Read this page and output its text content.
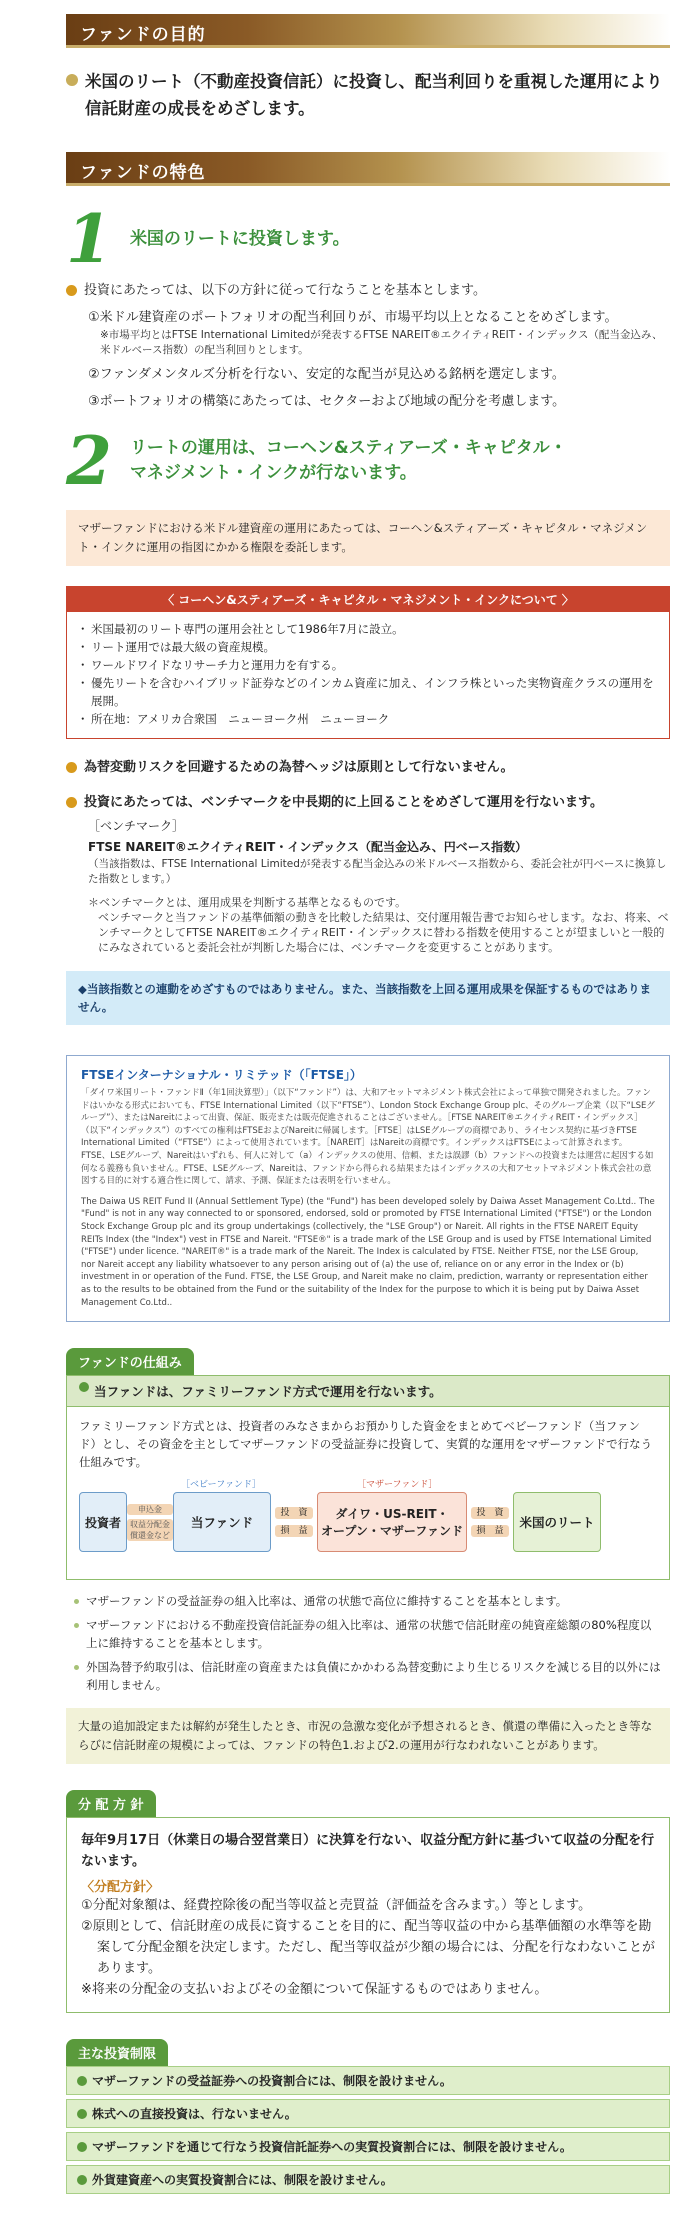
ファンドの目的
米国のリート（不動産投資信託）に投資し、配当利回りを重視した運用により信託財産の成長をめざします。
ファンドの特色
1 米国のリートに投資します。
投資にあたっては、以下の方針に従って行なうことを基本とします。
①米ドル建資産のポートフォリオの配当利回りが、市場平均以上となることをめざします。
※市場平均とはFTSE International Limitedが発表するFTSE NAREIT®エクイティREIT・インデックス（配当金込み、米ドルベース指数）の配当利回りとします。
②ファンダメンタルズ分析を行ない、安定的な配当が見込める銘柄を選定します。
③ポートフォリオの構築にあたっては、セクターおよび地域の配分を考慮します。
2 リートの運用は、コーヘン&スティアーズ・キャピタル・
マネジメント・インクが行ないます。
マザーファンドにおける米ドル建資産の運用にあたっては、コーヘン&スティアーズ・キャピタル・マネジメント・インクに運用の指図にかかる権限を委託します。
〈 コーヘン&スティアーズ・キャピタル・マネジメント・インクについて 〉
・ 米国最初のリート専門の運用会社として1986年7月に設立。
・ リート運用では最大級の資産規模。
・ ワールドワイドなリサーチ力と運用力を有する。
・ 優先リートを含むハイブリッド証券などのインカム資産に加え、インフラ株といった実物資産クラスの運用を展開。
・ 所在地：アメリカ合衆国　ニューヨーク州　ニューヨーク
為替変動リスクを回避するための為替ヘッジは原則として行ないません。
投資にあたっては、ベンチマークを中長期的に上回ることをめざして運用を行ないます。
［ベンチマーク］
FTSE NAREIT®エクイティREIT・インデックス（配当金込み、円ベース指数）
（当該指数は、FTSE International Limitedが発表する配当金込みの米ドルベース指数から、委託会社が円ベースに換算した指数とします。）
＊ベンチマークとは、運用成果を判断する基準となるものです。
ベンチマークと当ファンドの基準価額の動きを比較した結果は、交付運用報告書でお知らせします。なお、将来、ベンチマークとしてFTSE NAREIT®エクイティREIT・インデックスに替わる指数を使用することが望ましいと一般的にみなされていると委託会社が判断した場合には、ベンチマークを変更することがあります。
◆当該指数との連動をめざすものではありません。また、当該指数を上回る運用成果を保証するものではありません。
FTSEインターナショナル・リミテッド（「FTSE」）

「ダイワ米国リート・ファンドⅡ（年1回決算型）」（以下“ファンド”）は、大和アセットマネジメント株式会社によって単独で開発されました。ファンドはいかなる形式においても、FTSE International Limited（以下“FTSE”）、London Stock Exchange Group plc、そのグループ企業（以下“LSEグループ”）、またはNareitによって出資、保証、販売または販売促進されることはございません。［FTSE NAREIT®エクイティREIT・インデックス］（以下“インデックス”）のすべての権利はFTSEおよびNareitに帰属します。［FTSE］はLSEグループの商標であり、ライセンス契約に基づきFTSE International Limited（“FTSE”）によって使用されています。［NAREIT］はNareitの商標です。インデックスはFTSEによって計算されます。FTSE、LSEグループ、Nareitはいずれも、何人に対して（a）インデックスの使用、信頼、または誤謬（b）ファンドへの投資または運営に起因する如何なる義務も負いません。FTSE、LSEグループ、Nareitは、ファンドから得られる結果またはインデックスの大和アセットマネジメント株式会社の意図する目的に対する適合性に関して、請求、予測、保証または表明を行いません。

The Daiwa US REIT Fund II (Annual Settlement Type) (the "Fund") has been developed solely by Daiwa Asset Management Co.Ltd.. The "Fund" is not in any way connected to or sponsored, endorsed, sold or promoted by FTSE International Limited ("FTSE") or the London Stock Exchange Group plc and its group undertakings (collectively, the "LSE Group") or Nareit. All rights in the FTSE NAREIT Equity REITs Index (the "Index") vest in FTSE and Nareit. "FTSE®" is a trade mark of the LSE Group and is used by FTSE International Limited ("FTSE") under licence. "NAREIT®" is a trade mark of the Nareit. The Index is calculated by FTSE. Neither FTSE, nor the LSE Group, nor Nareit accept any liability whatsoever to any person arising out of (a) the use of, reliance on or any error in the Index or (b) investment in or operation of the Fund. FTSE, the LSE Group, and Nareit make no claim, prediction, warranty or representation either as to the results to be obtained from the Fund or the suitability of the Index for the purpose to which it is being put by Daiwa Asset Management Co.Ltd..

ファンドの仕組み
当ファンドは、ファミリーファンド方式で運用を行ないます。
ファミリーファンド方式とは、投資者のみなさまからお預かりした資金をまとめてベビーファンド（当ファンド）とし、その資金を主としてマザーファンドの受益証券に投資して、実質的な運用をマザーファンドで行なう仕組みです。
投資者
申込金
収益分配金
償還金など
［ベビーファンド］
当ファンド
投　資
損　益
［マザーファンド］
ダイワ・US-REIT・
オープン・マザーファンド
投　資
損　益
米国のリート
マザーファンドの受益証券の組入比率は、通常の状態で高位に維持することを基本とします。
マザーファンドにおける不動産投資信託証券の組入比率は、通常の状態で信託財産の純資産総額の80%程度以上に維持することを基本とします。
外国為替予約取引は、信託財産の資産または負債にかかわる為替変動により生じるリスクを減じる目的以外には利用しません。
大量の追加設定または解約が発生したとき、市況の急激な変化が予想されるとき、償還の準備に入ったとき等ならびに信託財産の規模によっては、ファンドの特色1.および2.の運用が行なわれないことがあります。
分 配 方 針
毎年9月17日（休業日の場合翌営業日）に決算を行ない、収益分配方針に基づいて収益の分配を行ないます。
〈分配方針〉
①分配対象額は、経費控除後の配当等収益と売買益（評価益を含みます。）等とします。
②原則として、信託財産の成長に資することを目的に、配当等収益の中から基準価額の水準等を勘案して分配金額を決定します。ただし、配当等収益が少額の場合には、分配を行なわないことがあります。
※将来の分配金の支払いおよびその金額について保証するものではありません。
主な投資制限
マザーファンドの受益証券への投資割合には、制限を設けません。
株式への直接投資は、行ないません。
マザーファンドを通じて行なう投資信託証券への実質投資割合には、制限を設けません。
外貨建資産への実質投資割合には、制限を設けません。
